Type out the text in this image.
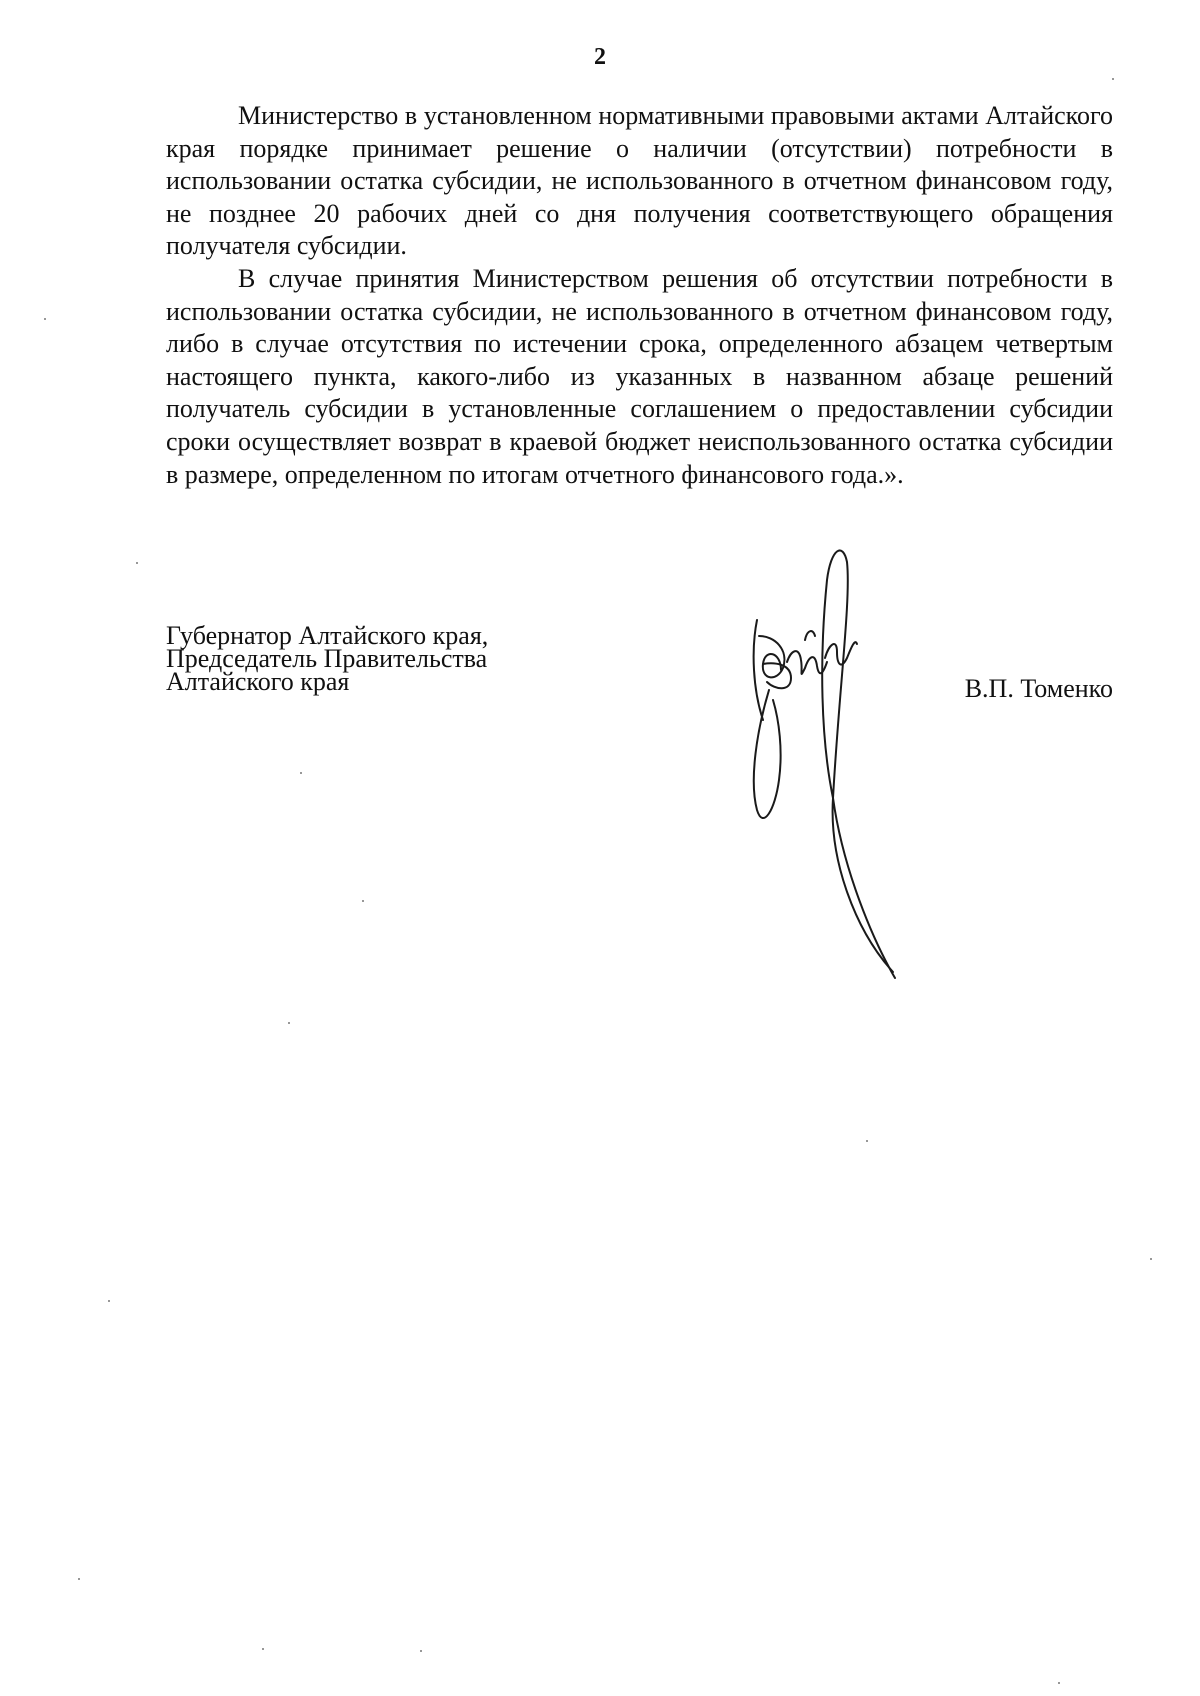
2

Министерство в установленном нормативными правовыми актами Алтайского края порядке принимает решение о наличии (отсутствии) потребности в использовании остатка субсидии, не использованного в отчетном финансовом году, не позднее 20 рабочих дней со дня получения соответствующего обращения получателя субсидии.

В случае принятия Министерством решения об отсутствии потребности в использовании остатка субсидии, не использованного в отчетном финансовом году, либо в случае отсутствия по истечении срока, определенного абзацем четвертым настоящего пункта, какого-либо из указанных в названном абзаце решений получатель субсидии в установленные соглашением о предоставлении субсидии сроки осуществляет возврат в краевой бюджет неиспользованного остатка субсидии в размере, определенном по итогам отчетного финансового года.».

Губернатор Алтайского края,
Председатель Правительства
Алтайского края	В.П. Томенко
